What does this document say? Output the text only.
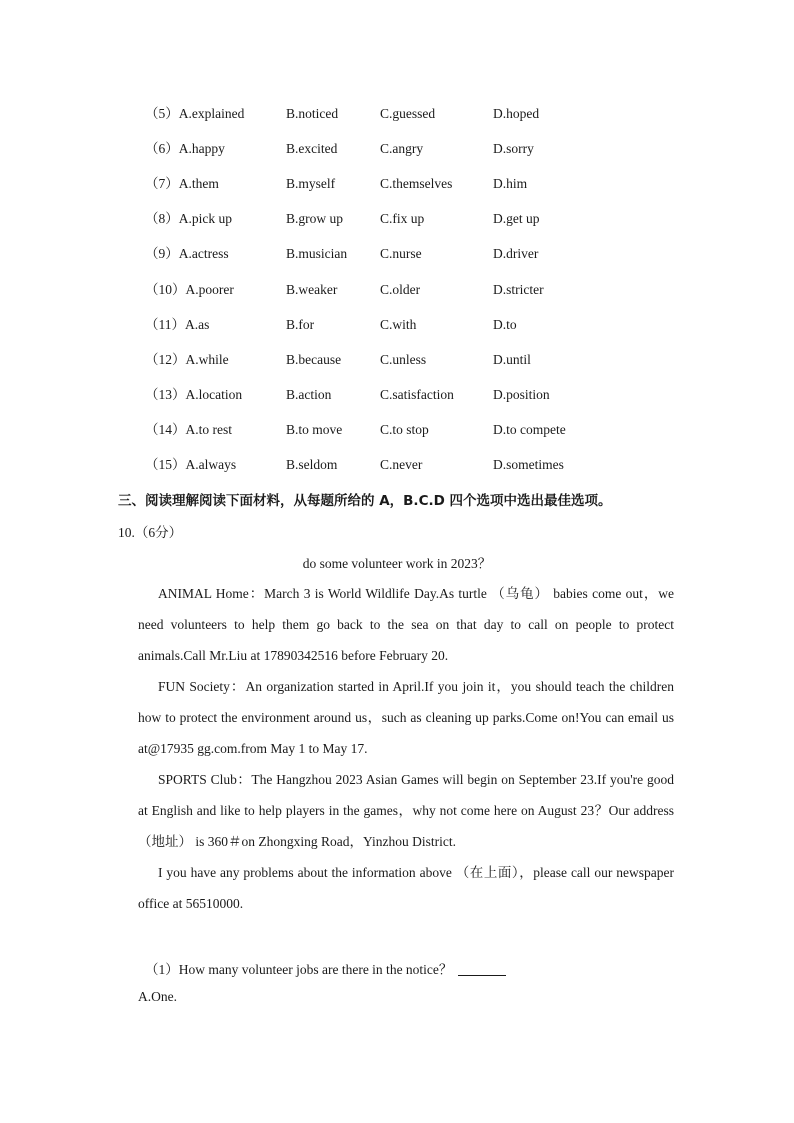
（5）A.explained	B.noticed	C.guessed	D.hoped
（6）A.happy	B.excited	C.angry	D.sorry
（7）A.them	B.myself	C.themselves	D.him
（8）A.pick up	B.grow up	C.fix up	D.get up
（9）A.actress	B.musician C.nurse	D.driver
（10）A.poorer	B.weaker	C.older	D.stricter
（11）A.as	B.for	C.with	D.to
（12）A.while	B.because	C.unless	D.until
（13）A.location	B.action	C.satisfaction	D.position
（14）A.to rest	B.to move	C.to stop	D.to compete
（15）A.always	B.seldom	C.never	D.sometimes
三、阅读理解阅读下面材料，从每题所给的 A，B.C.D 四个选项中选出最佳选项。
10.（6分）
do some volunteer work in 2023？
ANIMAL Home：March 3 is World Wildlife Day.As turtle （乌龟） babies come out，we need volunteers to help them go back to the sea on that day to call on people to protect animals.Call Mr.Liu at 17890342516 before February 20.
FUN Society：An organization started in April.If you join it，you should teach the children how to protect the environment around us，such as cleaning up parks.Come on!You can email us at@17935 gg.com.from May 1 to May 17.
SPORTS Club：The Hangzhou 2023 Asian Games will begin on September 23.If you're good at English and like to help players in the games，why not come here on August 23？Our address （地址） is 360＃on Zhongxing Road，Yinzhou District.
I you have any problems about the information above （在上面），please call our newspaper office at 56510000.
（1）How many volunteer jobs are there in the notice？
A.One.
